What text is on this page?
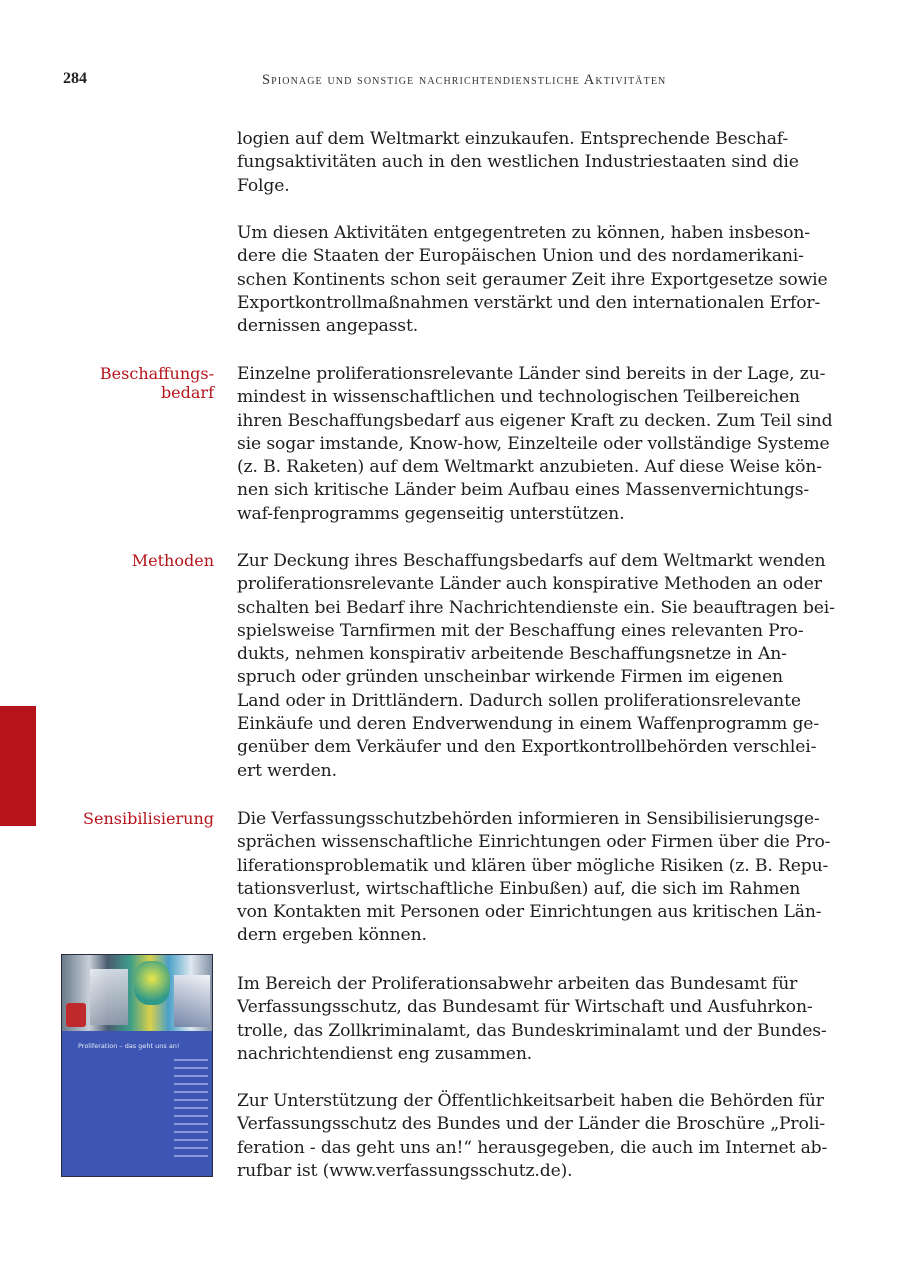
284	Spionage und sonstige nachrichtendienstliche Aktivitäten

logien auf dem Weltmarkt einzukaufen. Entsprechende Beschaf-
fungsaktivitäten auch in den westlichen Industriestaaten sind die
Folge.

Um diesen Aktivitäten entgegentreten zu können, haben insbeson-
dere die Staaten der Europäischen Union und des nordamerikani-
schen Kontinents schon seit geraumer Zeit ihre Exportgesetze sowie
Exportkontrollmaßnahmen verstärkt und den internationalen Erfor-
dernissen angepasst.

Beschaffungs-
bedarf

Einzelne proliferationsrelevante Länder sind bereits in der Lage, zu-
mindest in wissenschaftlichen und technologischen Teilbereichen
ihren Beschaffungsbedarf aus eigener Kraft zu decken. Zum Teil sind
sie sogar imstande, Know-how, Einzelteile oder vollständige Systeme
(z. B. Raketen) auf dem Weltmarkt anzubieten. Auf diese Weise kön-
nen sich kritische Länder beim Aufbau eines Massenvernichtungs-
waf-fenprogramms gegenseitig unterstützen.

Methoden Zur Deckung ihres Beschaffungsbedarfs auf dem Weltmarkt wenden
proliferationsrelevante Länder auch konspirative Methoden an oder
schalten bei Bedarf ihre Nachrichtendienste ein. Sie beauftragen bei-
spielsweise Tarnfirmen mit der Beschaffung eines relevanten Pro-
dukts, nehmen konspirativ arbeitende Beschaffungsnetze in An-
spruch oder gründen unscheinbar wirkende Firmen im eigenen
Land oder in Drittländern. Dadurch sollen proliferationsrelevante
Einkäufe und deren Endverwendung in einem Waffenprogramm ge-
genüber dem Verkäufer und den Exportkontrollbehörden verschlei-
ert werden.

Sensibilisierung Die Verfassungsschutzbehörden informieren in Sensibilisierungsge-
sprächen wissenschaftliche Einrichtungen oder Firmen über die Pro-
liferationsproblematik und klären über mögliche Risiken (z. B. Repu-
tationsverlust, wirtschaftliche Einbußen) auf, die sich im Rahmen
von Kontakten mit Personen oder Einrichtungen aus kritischen Län-
dern ergeben können.

Proliferation – das geht uns an!

Im Bereich der Proliferationsabwehr arbeiten das Bundesamt für
Verfassungsschutz, das Bundesamt für Wirtschaft und Ausfuhrkon-
trolle, das Zollkriminalamt, das Bundeskriminalamt und der Bundes-
nachrichtendienst eng zusammen.

Zur Unterstützung der Öffentlichkeitsarbeit haben die Behörden für
Verfassungsschutz des Bundes und der Länder die Broschüre „Proli-
feration - das geht uns an!“ herausgegeben, die auch im Internet ab-
rufbar ist (www.verfassungsschutz.de).
